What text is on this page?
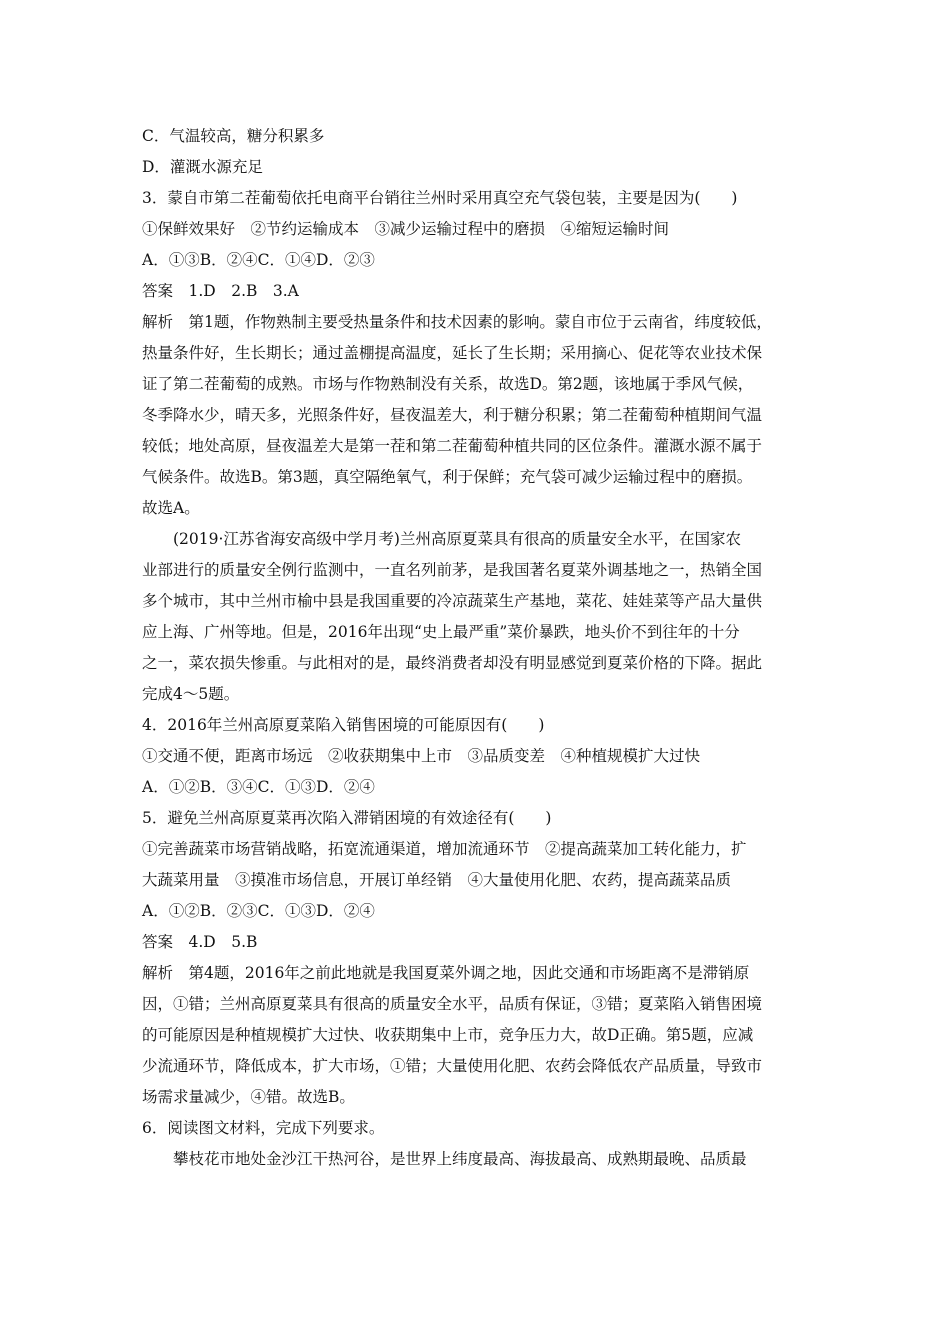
C．气温较高，糖分积累多
D．灌溉水源充足
3．蒙自市第二茬葡萄依托电商平台销往兰州时采用真空充气袋包装，主要是因为(　　)
①保鲜效果好　②节约运输成本　③减少运输过程中的磨损　④缩短运输时间
A．①③B．②④C．①④D．②③
答案　1.D　2.B　3.A
解析　第1题，作物熟制主要受热量条件和技术因素的影响。蒙自市位于云南省，纬度较低，
热量条件好，生长期长；通过盖棚提高温度，延长了生长期；采用摘心、促花等农业技术保
证了第二茬葡萄的成熟。市场与作物熟制没有关系，故选D。第2题，该地属于季风气候，
冬季降水少，晴天多，光照条件好，昼夜温差大，利于糖分积累；第二茬葡萄种植期间气温
较低；地处高原，昼夜温差大是第一茬和第二茬葡萄种植共同的区位条件。灌溉水源不属于
气候条件。故选B。第3题，真空隔绝氧气，利于保鲜；充气袋可减少运输过程中的磨损。
故选A。
　　(2019·江苏省海安高级中学月考)兰州高原夏菜具有很高的质量安全水平，在国家农
业部进行的质量安全例行监测中，一直名列前茅，是我国著名夏菜外调基地之一，热销全国
多个城市，其中兰州市榆中县是我国重要的冷凉蔬菜生产基地，菜花、娃娃菜等产品大量供
应上海、广州等地。但是，2016年出现“史上最严重”菜价暴跌，地头价不到往年的十分
之一，菜农损失惨重。与此相对的是，最终消费者却没有明显感觉到夏菜价格的下降。据此
完成4～5题。
4．2016年兰州高原夏菜陷入销售困境的可能原因有(　　)
①交通不便，距离市场远　②收获期集中上市　③品质变差　④种植规模扩大过快
A．①②B．③④C．①③D．②④
5．避免兰州高原夏菜再次陷入滞销困境的有效途径有(　　)
①完善蔬菜市场营销战略，拓宽流通渠道，增加流通环节　②提高蔬菜加工转化能力，扩
大蔬菜用量　③摸准市场信息，开展订单经销　④大量使用化肥、农药，提高蔬菜品质
A．①②B．②③C．①③D．②④
答案　4.D　5.B
解析　第4题，2016年之前此地就是我国夏菜外调之地，因此交通和市场距离不是滞销原
因，①错；兰州高原夏菜具有很高的质量安全水平，品质有保证，③错；夏菜陷入销售困境
的可能原因是种植规模扩大过快、收获期集中上市，竞争压力大，故D正确。第5题，应减
少流通环节，降低成本，扩大市场，①错；大量使用化肥、农药会降低农产品质量，导致市
场需求量减少，④错。故选B。
6．阅读图文材料，完成下列要求。
　　攀枝花市地处金沙江干热河谷，是世界上纬度最高、海拔最高、成熟期最晚、品质最
